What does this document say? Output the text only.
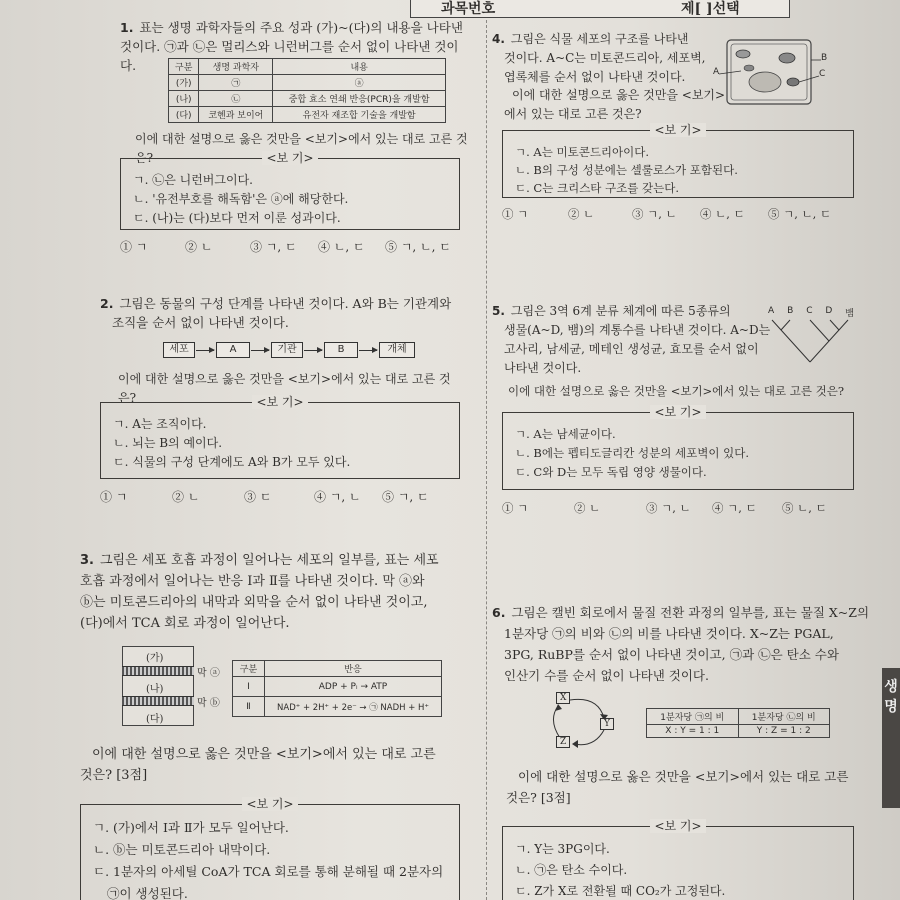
과목번호	제[ ]선택
1. 표는 생명 과학자들의 주요 성과 (가)~(다)의 내용을 나타낸
것이다. ㉠과 ㉡은 멀리스와 니런버그를 순서 없이 나타낸 것이다.	구분	생명 과학자	내용
(가)	㉠	ⓐ
(나)	㉡	중합 효소 연쇄 반응(PCR)을 개발함
(다)	코헨과 보이어	유전자 재조합 기술을 개발함
이에 대한 설명으로 옳은 것만을 <보기>에서 있는 대로 고른 것은?	<보 기>
ㄱ. ㉡은 니런버그이다.
ㄴ. '유전부호를 해독함'은 ⓐ에 해당한다.
ㄷ. (나)는 (다)보다 먼저 이룬 성과이다.
① ㄱ	② ㄴ	③ ㄱ, ㄷ	④ ㄴ, ㄷ	⑤ ㄱ, ㄴ, ㄷ
2. 그림은 동물의 구성 단계를 나타낸 것이다. A와 B는 기관계와
조직을 순서 없이 나타낸 것이다.
세포	A	기관	B	개체
이에 대한 설명으로 옳은 것만을 <보기>에서 있는 대로 고른 것은?	<보 기>
ㄱ. A는 조직이다.
ㄴ. 뇌는 B의 예이다.
ㄷ. 식물의 구성 단계에도 A와 B가 모두 있다.
① ㄱ	② ㄴ	③ ㄷ	④ ㄱ, ㄴ	⑤ ㄱ, ㄷ
3. 그림은 세포 호흡 과정이 일어나는 세포의 일부를, 표는 세포
호흡 과정에서 일어나는 반응 Ⅰ과 Ⅱ를 나타낸 것이다. 막 ⓐ와
ⓑ는 미토콘드리아의 내막과 외막을 순서 없이 나타낸 것이고,
(다)에서 TCA 회로 과정이 일어난다.
(가)
(나)
(다)
막 ⓐ
막 ⓑ
구분	반응
Ⅰ	ADP + Pᵢ → ATP
Ⅱ	NAD⁺ + 2H⁺ + 2e⁻ → ㉠ NADH + H⁺
이에 대한 설명으로 옳은 것만을 <보기>에서 있는 대로 고른
것은? [3점]
<보 기>
ㄱ. (가)에서 Ⅰ과 Ⅱ가 모두 일어난다.
ㄴ. ⓑ는 미토콘드리아 내막이다.
ㄷ. 1분자의 아세틸 CoA가 TCA 회로를 통해 분해될 때 2분자의
㉠이 생성된다.
4. 그림은 식물 세포의 구조를 나타낸
것이다. A~C는 미토콘드리아, 세포벽,
엽록체를 순서 없이 나타낸 것이다.
이에 대한 설명으로 옳은 것만을 <보기>
에서 있는 대로 고른 것은?
A
B
C
<보 기>
ㄱ. A는 미토콘드리아이다.
ㄴ. B의 구성 성분에는 셀룰로스가 포함된다.
ㄷ. C는 크리스타 구조를 갖는다.
① ㄱ	② ㄴ	③ ㄱ, ㄴ	④ ㄴ, ㄷ	⑤ ㄱ, ㄴ, ㄷ
5. 그림은 3역 6계 분류 체계에 따른 5종류의
생물(A~D, 뱀)의 계통수를 나타낸 것이다. A~D는
고사리, 남세균, 메테인 생성균, 효모를 순서 없이
나타낸 것이다.
A B C D 뱀
이에 대한 설명으로 옳은 것만을 <보기>에서 있는 대로 고른 것은?
<보 기>
ㄱ. A는 남세균이다.
ㄴ. B에는 펩티도글리칸 성분의 세포벽이 있다.
ㄷ. C와 D는 모두 독립 영양 생물이다.
① ㄱ	② ㄴ	③ ㄱ, ㄴ	④ ㄱ, ㄷ	⑤ ㄴ, ㄷ
6. 그림은 캘빈 회로에서 물질 전환 과정의 일부를, 표는 물질 X~Z의
1분자당 ㉠의 비와 ㉡의 비를 나타낸 것이다. X~Z는 PGAL,
3PG, RuBP를 순서 없이 나타낸 것이고, ㉠과 ㉡은 탄소 수와
인산기 수를 순서 없이 나타낸 것이다.
X
Y
Z
1분자당 ㉠의 비	1분자당 ㉡의 비
X : Y = 1 : 1	Y : Z = 1 : 2
이에 대한 설명으로 옳은 것만을 <보기>에서 있는 대로 고른
것은? [3점]
<보 기>
ㄱ. Y는 3PG이다.
ㄴ. ㉠은 탄소 수이다.
ㄷ. Z가 X로 전환될 때 CO₂가 고정된다.
생명
